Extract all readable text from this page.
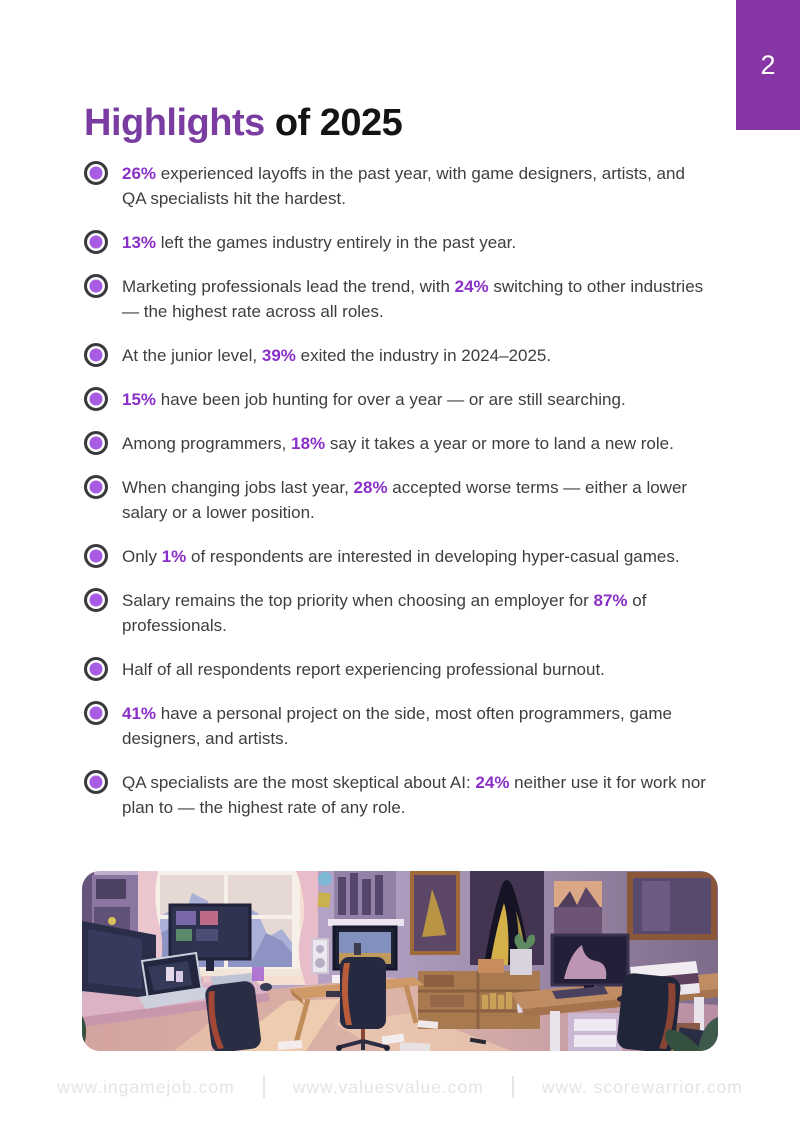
2
Highlights of 2025
26% experienced layoffs in the past year, with game designers, artists, and QA specialists hit the hardest.
13% left the games industry entirely in the past year.
Marketing professionals lead the trend, with 24% switching to other industries — the highest rate across all roles.
At the junior level, 39% exited the industry in 2024–2025.
15% have been job hunting for over a year — or are still searching.
Among programmers, 18% say it takes a year or more to land a new role.
When changing jobs last year, 28% accepted worse terms — either a lower salary or a lower position.
Only 1% of respondents are interested in developing hyper-casual games.
Salary remains the top priority when choosing an employer for 87% of professionals.
Half of all respondents report experiencing professional burnout.
41% have a personal project on the side, most often programmers, game designers, and artists.
QA specialists are the most skeptical about AI: 24% neither use it for work nor plan to — the highest rate of any role.
www.ingamejob.com	www.valuesvalue.com	www. scorewarrior.com
